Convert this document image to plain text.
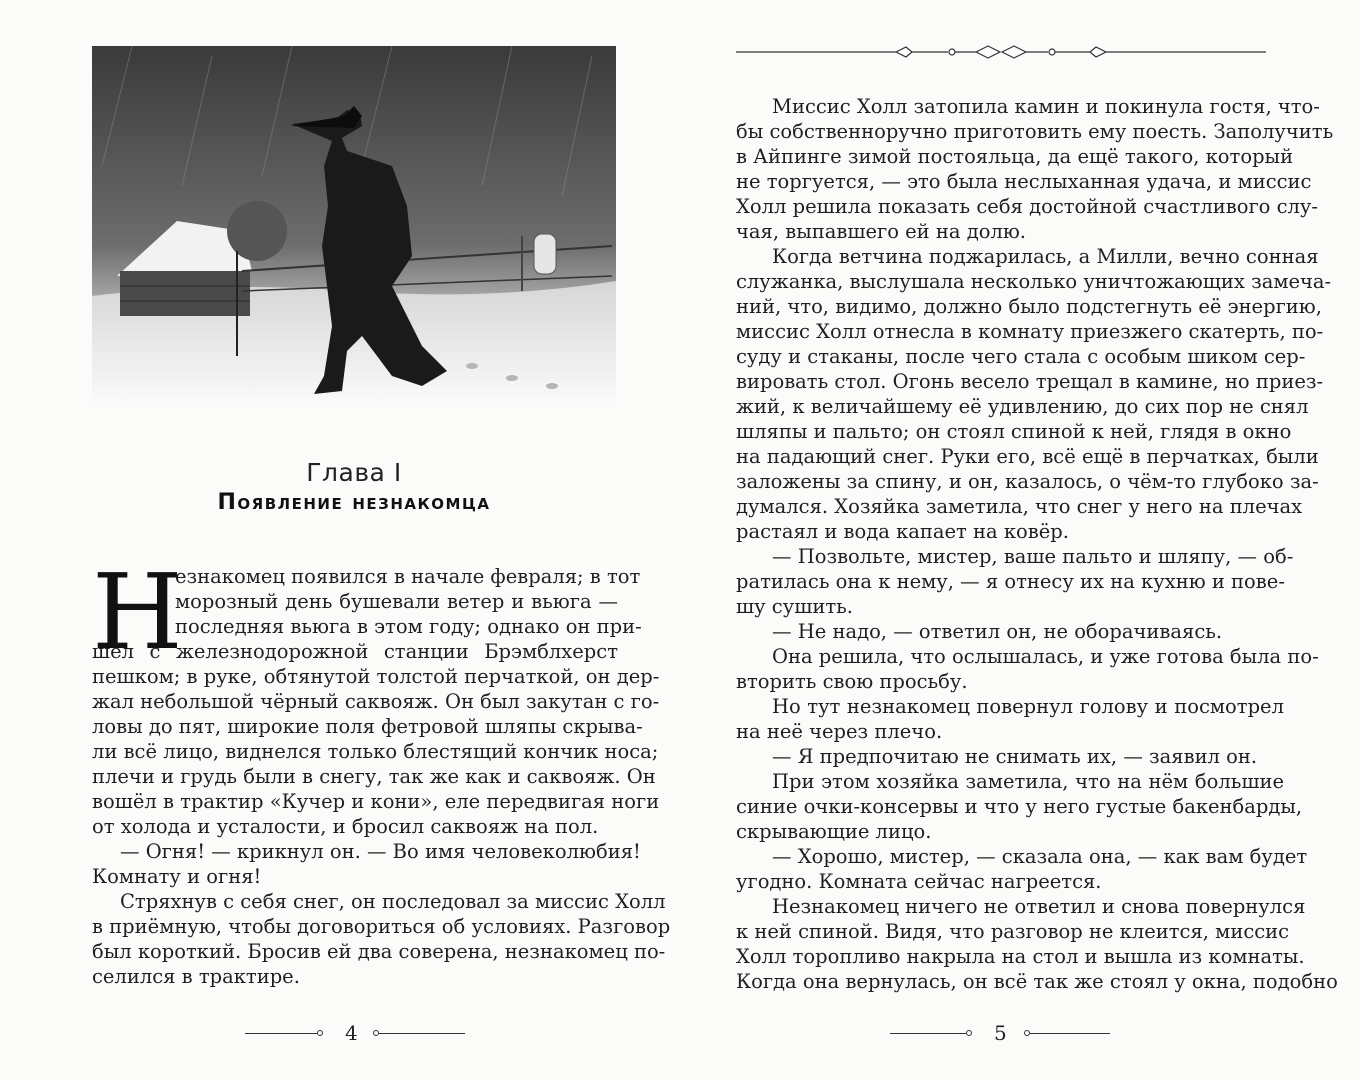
Глава I
Появление незнакомца
Н
езнакомец появился в начале февраля; в тот
морозный день бушевали ветер и вьюга —
последняя вьюга в этом году; однако он при-
шёл с железнодорожной станции Брэмблхерст
пешком; в руке, обтянутой толстой перчаткой, он дер-
жал небольшой чёрный саквояж. Он был закутан с го-
ловы до пят, широкие поля фетровой шляпы скрыва-
ли всё лицо, виднелся только блестящий кончик носа;
плечи и грудь были в снегу, так же как и саквояж. Он
вошёл в трактир «Кучер и кони», еле передвигая ноги
от холода и усталости, и бросил саквояж на пол.
— Огня! — крикнул он. — Во имя человеколюбия!
Комнату и огня!
Стряхнув с себя снег, он последовал за миссис Холл
в приёмную, чтобы договориться об условиях. Разговор
был короткий. Бросив ей два соверена, незнакомец по-
селился в трактире.
4
Миссис Холл затопила камин и покинула гостя, что-
бы собственноручно приготовить ему поесть. Заполучить
в Айпинге зимой постояльца, да ещё такого, который
не торгуется, — это была неслыханная удача, и миссис
Холл решила показать себя достойной счастливого слу-
чая, выпавшего ей на долю.
Когда ветчина поджарилась, а Милли, вечно сонная
служанка, выслушала несколько уничтожающих замеча-
ний, что, видимо, должно было подстегнуть её энергию,
миссис Холл отнесла в комнату приезжего скатерть, по-
суду и стаканы, после чего стала с особым шиком сер-
вировать стол. Огонь весело трещал в камине, но приез-
жий, к величайшему её удивлению, до сих пор не снял
шляпы и пальто; он стоял спиной к ней, глядя в окно
на падающий снег. Руки его, всё ещё в перчатках, были
заложены за спину, и он, казалось, о чём-то глубоко за-
думался. Хозяйка заметила, что снег у него на плечах
растаял и вода капает на ковёр.
— Позвольте, мистер, ваше пальто и шляпу, — об-
ратилась она к нему, — я отнесу их на кухню и пове-
шу сушить.
— Не надо, — ответил он, не оборачиваясь.
Она решила, что ослышалась, и уже готова была по-
вторить свою просьбу.
Но тут незнакомец повернул голову и посмотрел
на неё через плечо.
— Я предпочитаю не снимать их, — заявил он.
При этом хозяйка заметила, что на нём большие
синие очки-консервы и что у него густые бакенбарды,
скрывающие лицо.
— Хорошо, мистер, — сказала она, — как вам будет
угодно. Комната сейчас нагреется.
Незнакомец ничего не ответил и снова повернулся
к ней спиной. Видя, что разговор не клеится, миссис
Холл торопливо накрыла на стол и вышла из комнаты.
Когда она вернулась, он всё так же стоял у окна, подобно
5
